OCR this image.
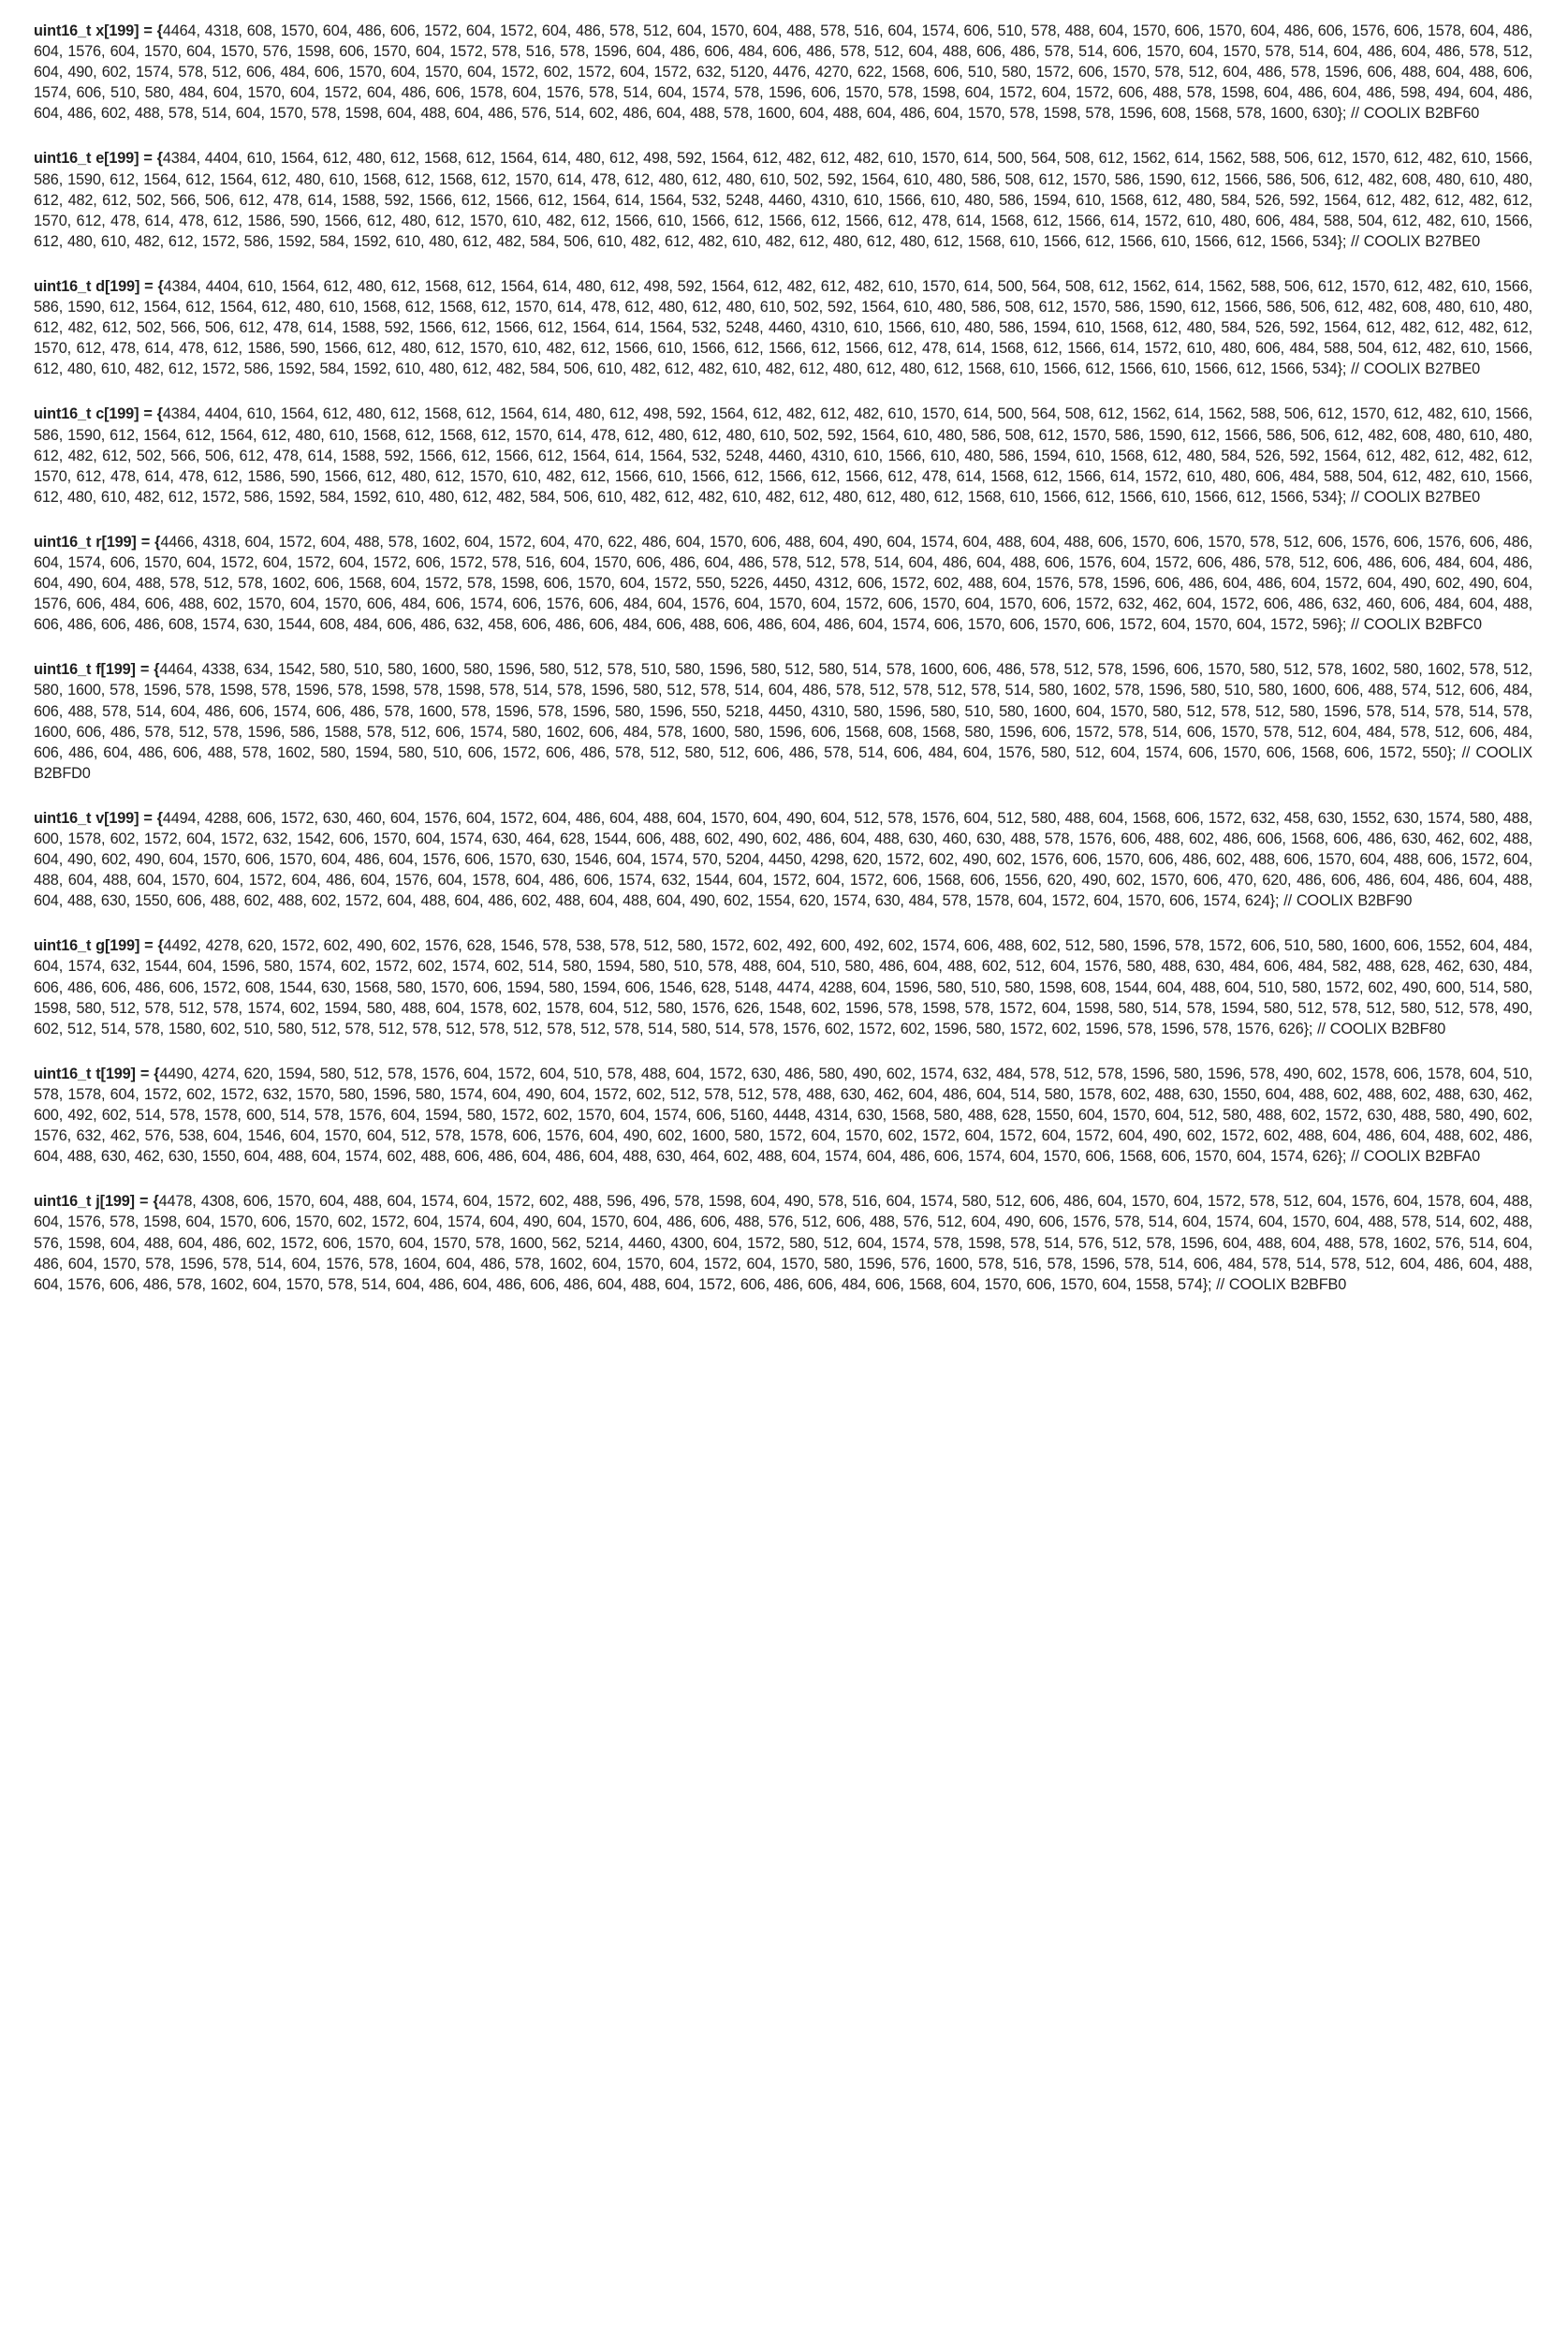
uint16_t x[199] = {4464, 4318, 608, 1570, 604, 486, 606, 1572, 604, 1572, 604, 486, 578, 512, 604, 1570, 604, 488, 578, 516, 604, 1574, 606, 510, 578, 488, 604, 1570, 606, 1570, 604, 486, 606, 1576, 606, 1578, 604, 486, 604, 1576, 604, 1570, 604, 1570, 576, 1598, 606, 1570, 604, 1572, 578, 516, 578, 1596, 604, 486, 606, 484, 606, 486, 578, 512, 604, 488, 606, 486, 578, 514, 606, 1570, 604, 1570, 578, 514, 604, 486, 604, 486, 578, 512, 604, 490, 602, 1574, 578, 512, 606, 484, 606, 1570, 604, 1570, 604, 1572, 602, 1572, 604, 1572, 632, 5120, 4476, 4270, 622, 1568, 606, 510, 580, 1572, 606, 1570, 578, 512, 604, 486, 578, 1596, 606, 488, 604, 488, 606, 1574, 606, 510, 580, 484, 604, 1570, 604, 1572, 604, 486, 606, 1578, 604, 1576, 578, 514, 604, 1574, 578, 1596, 606, 1570, 578, 1598, 604, 1572, 604, 1572, 606, 488, 578, 1598, 604, 486, 604, 486, 598, 494, 604, 486, 604, 486, 602, 488, 578, 514, 604, 1570, 578, 1598, 604, 488, 604, 486, 576, 514, 602, 486, 604, 488, 578, 1600, 604, 488, 604, 486, 604, 1570, 578, 1598, 578, 1596, 608, 1568, 578, 1600, 630}; // COOLIX B2BF60

uint16_t e[199] = {4384, 4404, 610, 1564, 612, 480, 612, 1568, 612, 1564, 614, 480, 612, 498, 592, 1564, 612, 482, 612, 482, 610, 1570, 614, 500, 564, 508, 612, 1562, 614, 1562, 588, 506, 612, 1570, 612, 482, 610, 1566, 586, 1590, 612, 1564, 612, 1564, 612, 480, 610, 1568, 612, 1568, 612, 1570, 614, 478, 612, 480, 612, 480, 610, 502, 592, 1564, 610, 480, 586, 508, 612, 1570, 586, 1590, 612, 1566, 586, 506, 612, 482, 608, 480, 610, 480, 612, 482, 612, 502, 566, 506, 612, 478, 614, 1588, 592, 1566, 612, 1566, 612, 1564, 614, 1564, 532, 5248, 4460, 4310, 610, 1566, 610, 480, 586, 1594, 610, 1568, 612, 480, 584, 526, 592, 1564, 612, 482, 612, 482, 612, 1570, 612, 478, 614, 478, 612, 1586, 590, 1566, 612, 480, 612, 1570, 610, 482, 612, 1566, 610, 1566, 612, 1566, 612, 1566, 612, 478, 614, 1568, 612, 1566, 614, 1572, 610, 480, 606, 484, 588, 504, 612, 482, 610, 1566, 612, 480, 610, 482, 612, 1572, 586, 1592, 584, 1592, 610, 480, 612, 482, 584, 506, 610, 482, 612, 482, 610, 482, 612, 480, 612, 480, 612, 1568, 610, 1566, 612, 1566, 610, 1566, 612, 1566, 534}; // COOLIX B27BE0

uint16_t d[199] = {4384, 4404, 610, 1564, 612, 480, 612, 1568, 612, 1564, 614, 480, 612, 498, 592, 1564, 612, 482, 612, 482, 610, 1570, 614, 500, 564, 508, 612, 1562, 614, 1562, 588, 506, 612, 1570, 612, 482, 610, 1566, 586, 1590, 612, 1564, 612, 1564, 612, 480, 610, 1568, 612, 1568, 612, 1570, 614, 478, 612, 480, 612, 480, 610, 502, 592, 1564, 610, 480, 586, 508, 612, 1570, 586, 1590, 612, 1566, 586, 506, 612, 482, 608, 480, 610, 480, 612, 482, 612, 502, 566, 506, 612, 478, 614, 1588, 592, 1566, 612, 1566, 612, 1564, 614, 1564, 532, 5248, 4460, 4310, 610, 1566, 610, 480, 586, 1594, 610, 1568, 612, 480, 584, 526, 592, 1564, 612, 482, 612, 482, 612, 1570, 612, 478, 614, 478, 612, 1586, 590, 1566, 612, 480, 612, 1570, 610, 482, 612, 1566, 610, 1566, 612, 1566, 612, 1566, 612, 478, 614, 1568, 612, 1566, 614, 1572, 610, 480, 606, 484, 588, 504, 612, 482, 610, 1566, 612, 480, 610, 482, 612, 1572, 586, 1592, 584, 1592, 610, 480, 612, 482, 584, 506, 610, 482, 612, 482, 610, 482, 612, 480, 612, 480, 612, 1568, 610, 1566, 612, 1566, 610, 1566, 612, 1566, 534}; // COOLIX B27BE0

uint16_t c[199] = {4384, 4404, 610, 1564, 612, 480, 612, 1568, 612, 1564, 614, 480, 612, 498, 592, 1564, 612, 482, 612, 482, 610, 1570, 614, 500, 564, 508, 612, 1562, 614, 1562, 588, 506, 612, 1570, 612, 482, 610, 1566, 586, 1590, 612, 1564, 612, 1564, 612, 480, 610, 1568, 612, 1568, 612, 1570, 614, 478, 612, 480, 612, 480, 610, 502, 592, 1564, 610, 480, 586, 508, 612, 1570, 586, 1590, 612, 1566, 586, 506, 612, 482, 608, 480, 610, 480, 612, 482, 612, 502, 566, 506, 612, 478, 614, 1588, 592, 1566, 612, 1566, 612, 1564, 614, 1564, 532, 5248, 4460, 4310, 610, 1566, 610, 480, 586, 1594, 610, 1568, 612, 480, 584, 526, 592, 1564, 612, 482, 612, 482, 612, 1570, 612, 478, 614, 478, 612, 1586, 590, 1566, 612, 480, 612, 1570, 610, 482, 612, 1566, 610, 1566, 612, 1566, 612, 1566, 612, 478, 614, 1568, 612, 1566, 614, 1572, 610, 480, 606, 484, 588, 504, 612, 482, 610, 1566, 612, 480, 610, 482, 612, 1572, 586, 1592, 584, 1592, 610, 480, 612, 482, 584, 506, 610, 482, 612, 482, 610, 482, 612, 480, 612, 480, 612, 1568, 610, 1566, 612, 1566, 610, 1566, 612, 1566, 534}; // COOLIX B27BE0

uint16_t r[199] = {4466, 4318, 604, 1572, 604, 488, 578, 1602, 604, 1572, 604, 470, 622, 486, 604, 1570, 606, 488, 604, 490, 604, 1574, 604, 488, 604, 488, 606, 1570, 606, 1570, 578, 512, 606, 1576, 606, 1576, 606, 486, 604, 1574, 606, 1570, 604, 1572, 604, 1572, 604, 1572, 606, 1572, 578, 516, 604, 1570, 606, 486, 604, 486, 578, 512, 578, 514, 604, 486, 604, 488, 606, 1576, 604, 1572, 606, 486, 578, 512, 606, 486, 606, 484, 604, 486, 604, 490, 604, 488, 578, 512, 578, 1602, 606, 1568, 604, 1572, 578, 1598, 606, 1570, 604, 1572, 550, 5226, 4450, 4312, 606, 1572, 602, 488, 604, 1576, 578, 1596, 606, 486, 604, 486, 604, 1572, 604, 490, 602, 490, 604, 1576, 606, 484, 606, 488, 602, 1570, 604, 1570, 606, 484, 606, 1574, 606, 1576, 606, 484, 604, 1576, 604, 1570, 604, 1572, 606, 1570, 604, 1570, 606, 1572, 632, 462, 604, 1572, 606, 486, 632, 460, 606, 484, 604, 488, 606, 486, 606, 486, 608, 1574, 630, 1544, 608, 484, 606, 486, 632, 458, 606, 486, 606, 484, 606, 488, 606, 486, 604, 486, 604, 1574, 606, 1570, 606, 1570, 606, 1572, 604, 1570, 604, 1572, 596}; // COOLIX B2BFC0

uint16_t f[199] = {4464, 4338, 634, 1542, 580, 510, 580, 1600, 580, 1596, 580, 512, 578, 510, 580, 1596, 580, 512, 580, 514, 578, 1600, 606, 486, 578, 512, 578, 1596, 606, 1570, 580, 512, 578, 1602, 580, 1602, 578, 512, 580, 1600, 578, 1596, 578, 1598, 578, 1596, 578, 1598, 578, 1598, 578, 514, 578, 1596, 580, 512, 578, 514, 604, 486, 578, 512, 578, 512, 578, 514, 580, 1602, 578, 1596, 580, 510, 580, 1600, 606, 488, 574, 512, 606, 484, 606, 488, 578, 514, 604, 486, 606, 1574, 606, 486, 578, 1600, 578, 1596, 578, 1596, 580, 1596, 550, 5218, 4450, 4310, 580, 1596, 580, 510, 580, 1600, 604, 1570, 580, 512, 578, 512, 580, 1596, 578, 514, 578, 514, 578, 1600, 606, 486, 578, 512, 578, 1596, 586, 1588, 578, 512, 606, 1574, 580, 1602, 606, 484, 578, 1600, 580, 1596, 606, 1568, 608, 1568, 580, 1596, 606, 1572, 578, 514, 606, 1570, 578, 512, 604, 484, 578, 512, 606, 484, 606, 486, 604, 486, 606, 488, 578, 1602, 580, 1594, 580, 510, 606, 1572, 606, 486, 578, 512, 580, 512, 606, 486, 578, 514, 606, 484, 604, 1576, 580, 512, 604, 1574, 606, 1570, 606, 1568, 606, 1572, 550}; // COOLIX B2BFD0

uint16_t v[199] = {4494, 4288, 606, 1572, 630, 460, 604, 1576, 604, 1572, 604, 486, 604, 488, 604, 1570, 604, 490, 604, 512, 578, 1576, 604, 512, 580, 488, 604, 1568, 606, 1572, 632, 458, 630, 1552, 630, 1574, 580, 488, 600, 1578, 602, 1572, 604, 1572, 632, 1542, 606, 1570, 604, 1574, 630, 464, 628, 1544, 606, 488, 602, 490, 602, 486, 604, 488, 630, 460, 630, 488, 578, 1576, 606, 488, 602, 486, 606, 1568, 606, 486, 630, 462, 602, 488, 604, 490, 602, 490, 604, 1570, 606, 1570, 604, 486, 604, 1576, 606, 1570, 630, 1546, 604, 1574, 570, 5204, 4450, 4298, 620, 1572, 602, 490, 602, 1576, 606, 1570, 606, 486, 602, 488, 606, 1570, 604, 488, 606, 1572, 604, 488, 604, 488, 604, 1570, 604, 1572, 604, 486, 604, 1576, 604, 1578, 604, 486, 606, 1574, 632, 1544, 604, 1572, 604, 1572, 606, 1568, 606, 1556, 620, 490, 602, 1570, 606, 470, 620, 486, 606, 486, 604, 486, 604, 488, 604, 488, 630, 1550, 606, 488, 602, 488, 602, 1572, 604, 488, 604, 486, 602, 488, 604, 488, 604, 490, 602, 1554, 620, 1574, 630, 484, 578, 1578, 604, 1572, 604, 1570, 606, 1574, 624}; // COOLIX B2BF90

uint16_t g[199] = {4492, 4278, 620, 1572, 602, 490, 602, 1576, 628, 1546, 578, 538, 578, 512, 580, 1572, 602, 492, 600, 492, 602, 1574, 606, 488, 602, 512, 580, 1596, 578, 1572, 606, 510, 580, 1600, 606, 1552, 604, 484, 604, 1574, 632, 1544, 604, 1596, 580, 1574, 602, 1572, 602, 1574, 602, 514, 580, 1594, 580, 510, 578, 488, 604, 510, 580, 486, 604, 488, 602, 512, 604, 1576, 580, 488, 630, 484, 606, 484, 582, 488, 628, 462, 630, 484, 606, 486, 606, 486, 606, 1572, 608, 1544, 630, 1568, 580, 1570, 606, 1594, 580, 1594, 606, 1546, 628, 5148, 4474, 4288, 604, 1596, 580, 510, 580, 1598, 608, 1544, 604, 488, 604, 510, 580, 1572, 602, 490, 600, 514, 580, 1598, 580, 512, 578, 512, 578, 1574, 602, 1594, 580, 488, 604, 1578, 602, 1578, 604, 512, 580, 1576, 626, 1548, 602, 1596, 578, 1598, 578, 1572, 604, 1598, 580, 514, 578, 1594, 580, 512, 578, 512, 580, 512, 578, 490, 602, 512, 514, 578, 1580, 602, 510, 580, 512, 578, 512, 578, 512, 578, 512, 578, 512, 578, 514, 580, 514, 578, 1576, 602, 1572, 602, 1596, 580, 1572, 602, 1596, 578, 1596, 578, 1576, 626}; // COOLIX B2BF80

uint16_t t[199] = {4490, 4274, 620, 1594, 580, 512, 578, 1576, 604, 1572, 604, 510, 578, 488, 604, 1572, 630, 486, 580, 490, 602, 1574, 632, 484, 578, 512, 578, 1596, 580, 1596, 578, 490, 602, 1578, 606, 1578, 604, 510, 578, 1578, 604, 1572, 602, 1572, 632, 1570, 580, 1596, 580, 1574, 604, 490, 604, 1572, 602, 512, 578, 512, 578, 488, 630, 462, 604, 486, 604, 514, 580, 1578, 602, 488, 630, 1550, 604, 488, 602, 488, 602, 488, 630, 462, 600, 492, 602, 514, 578, 1578, 600, 514, 578, 1576, 604, 1594, 580, 1572, 602, 1570, 604, 1574, 606, 5160, 4448, 4314, 630, 1568, 580, 488, 628, 1550, 604, 1570, 604, 512, 580, 488, 602, 1572, 630, 488, 580, 490, 602, 1576, 632, 462, 576, 538, 604, 1546, 604, 1570, 604, 512, 578, 1578, 606, 1576, 604, 490, 602, 1600, 580, 1572, 604, 1570, 602, 1572, 604, 1572, 604, 1572, 604, 490, 602, 1572, 602, 488, 604, 486, 604, 488, 602, 486, 604, 488, 630, 462, 630, 1550, 604, 488, 604, 1574, 602, 488, 606, 486, 604, 486, 604, 488, 630, 464, 602, 488, 604, 1574, 604, 486, 606, 1574, 604, 1570, 606, 1568, 606, 1570, 604, 1574, 626}; // COOLIX B2BFA0

uint16_t j[199] = {4478, 4308, 606, 1570, 604, 488, 604, 1574, 604, 1572, 602, 488, 596, 496, 578, 1598, 604, 490, 578, 516, 604, 1574, 580, 512, 606, 486, 604, 1570, 604, 1572, 578, 512, 604, 1576, 604, 1578, 604, 488, 604, 1576, 578, 1598, 604, 1570, 606, 1570, 602, 1572, 604, 1574, 604, 490, 604, 1570, 604, 486, 606, 488, 576, 512, 606, 488, 576, 512, 604, 490, 606, 1576, 578, 514, 604, 1574, 604, 1570, 604, 488, 578, 514, 602, 488, 576, 1598, 604, 488, 604, 486, 602, 1572, 606, 1570, 604, 1570, 578, 1600, 562, 5214, 4460, 4300, 604, 1572, 580, 512, 604, 1574, 578, 1598, 578, 514, 576, 512, 578, 1596, 604, 488, 604, 488, 578, 1602, 576, 514, 604, 486, 604, 1570, 578, 1596, 578, 514, 604, 1576, 578, 1604, 604, 486, 578, 1602, 604, 1570, 604, 1572, 604, 1570, 580, 1596, 576, 1600, 578, 516, 578, 1596, 578, 514, 606, 484, 578, 514, 578, 512, 604, 486, 604, 488, 604, 1576, 606, 486, 578, 1602, 604, 1570, 578, 514, 604, 486, 604, 486, 606, 486, 604, 488, 604, 1572, 606, 486, 606, 484, 606, 1568, 604, 1570, 606, 1570, 604, 1558, 574}; // COOLIX B2BFB0
